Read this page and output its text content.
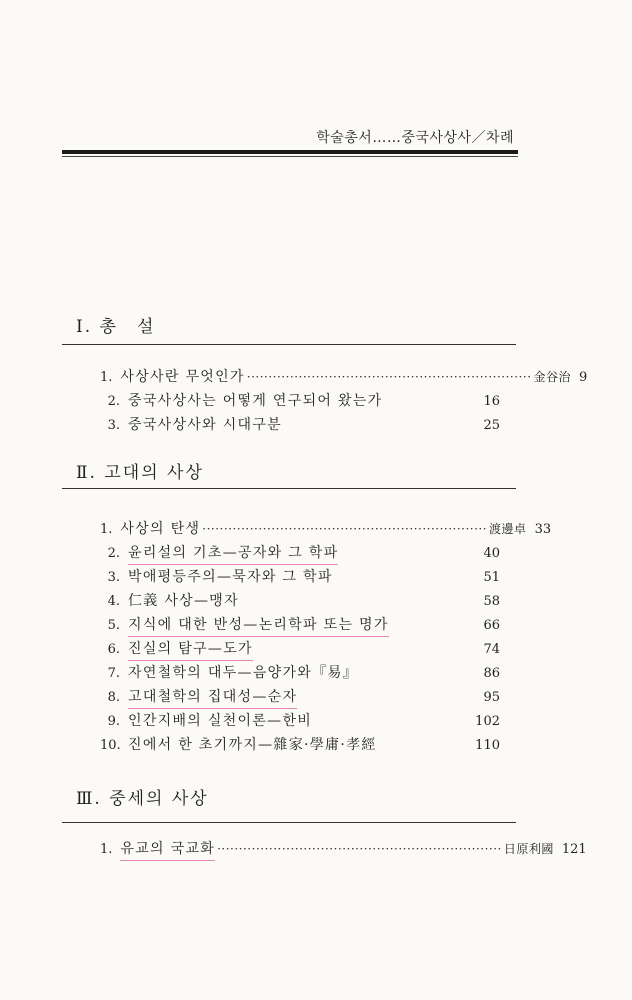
학술총서……중국사상사／차례
Ⅰ. 총　설
1. 사상사란 무엇인가 ·································································· 金谷治 9
2. 중국사상사는 어떻게 연구되어 왔는가	16
3. 중국사상사와 시대구분	25
Ⅱ. 고대의 사상
1. 사상의 탄생 ·································································· 渡邊卓 33
2. 윤리설의 기초—공자와 그 학파	40
3. 박애평등주의—묵자와 그 학파	51
4. 仁義 사상—맹자	58
5. 지식에 대한 반성—논리학파 또는 명가	66
6. 진실의 탐구—도가	74
7. 자연철학의 대두—음양가와『易』	86
8. 고대철학의 집대성—순자	95
9. 인간지배의 실천이론—한비	102
10. 진에서 한 초기까지—雜家·學庸·孝經	110
Ⅲ. 중세의 사상
1. 유교의 국교화 ·································································· 日原利國 121
